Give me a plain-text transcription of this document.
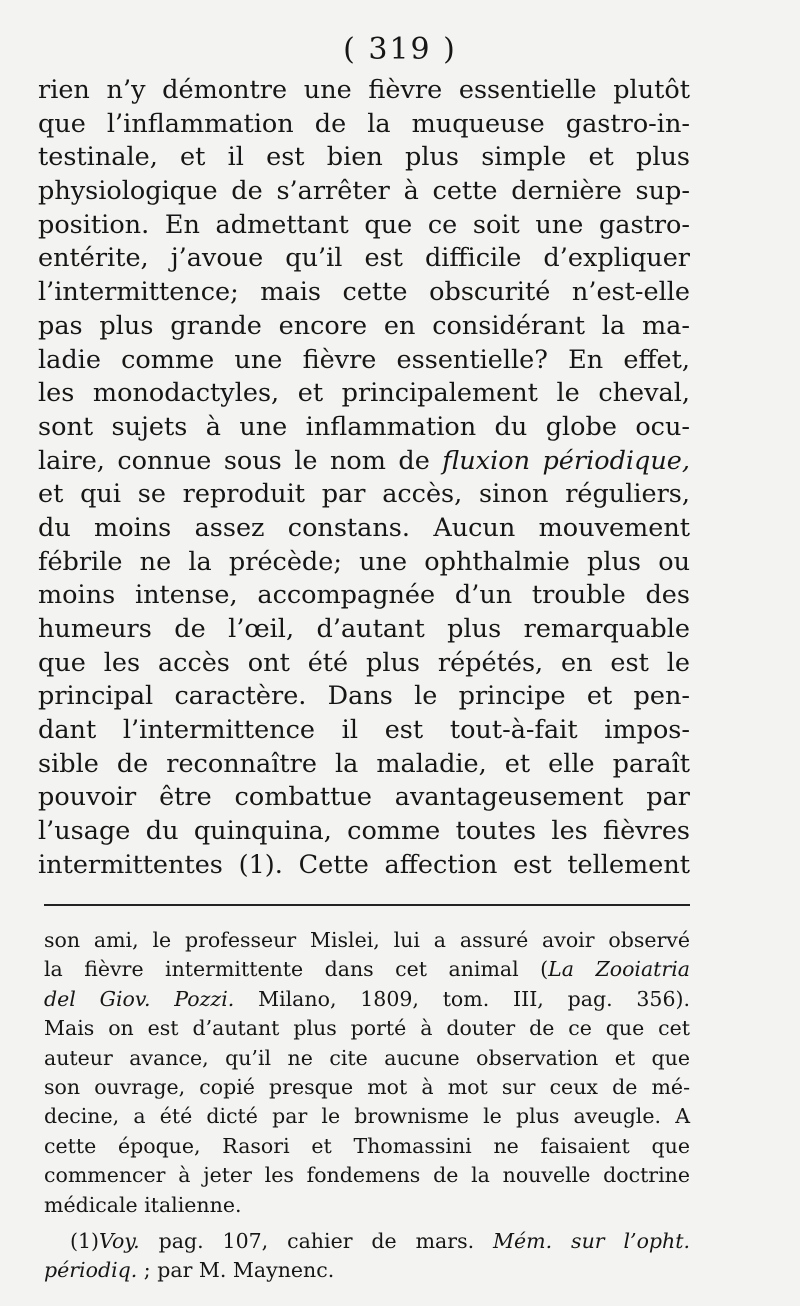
( 319 )

rien n’y démontre une fièvre essentielle plutôt
que l’inflammation de la muqueuse gastro-in-
testinale, et il est bien plus simple et plus
physiologique de s’arrêter à cette dernière sup-
position. En admettant que ce soit une gastro-
entérite, j’avoue qu’il est difficile d’expliquer
l’intermittence; mais cette obscurité n’est-elle
pas plus grande encore en considérant la ma-
ladie comme une fièvre essentielle? En effet,
les monodactyles, et principalement le cheval,
sont sujets à une inflammation du globe ocu-
laire, connue sous le nom de fluxion périodique,
et qui se reproduit par accès, sinon réguliers,
du moins assez constans. Aucun mouvement
fébrile ne la précède; une ophthalmie plus ou
moins intense, accompagnée d’un trouble des
humeurs de l’œil, d’autant plus remarquable
que les accès ont été plus répétés, en est le
principal caractère. Dans le principe et pen-
dant l’intermittence il est tout-à-fait impos-
sible de reconnaître la maladie, et elle paraît
pouvoir être combattue avantageusement par
l’usage du quinquina, comme toutes les fièvres
intermittentes (1). Cette affection est tellement
son ami, le professeur Mislei, lui a assuré avoir observé
la fièvre intermittente dans cet animal (La Zooiatria
del Giov. Pozzi. Milano, 1809, tom. III, pag. 356).
Mais on est d’autant plus porté à douter de ce que cet
auteur avance, qu’il ne cite aucune observation et que
son ouvrage, copié presque mot à mot sur ceux de mé-
decine, a été dicté par le brownisme le plus aveugle. A
cette époque, Rasori et Thomassini ne faisaient que
commencer à jeter les fondemens de la nouvelle doctrine
médicale italienne.
(1)Voy. pag. 107, cahier de mars. Mém. sur l’opht.
périodiq. ; par M. Maynenc.
